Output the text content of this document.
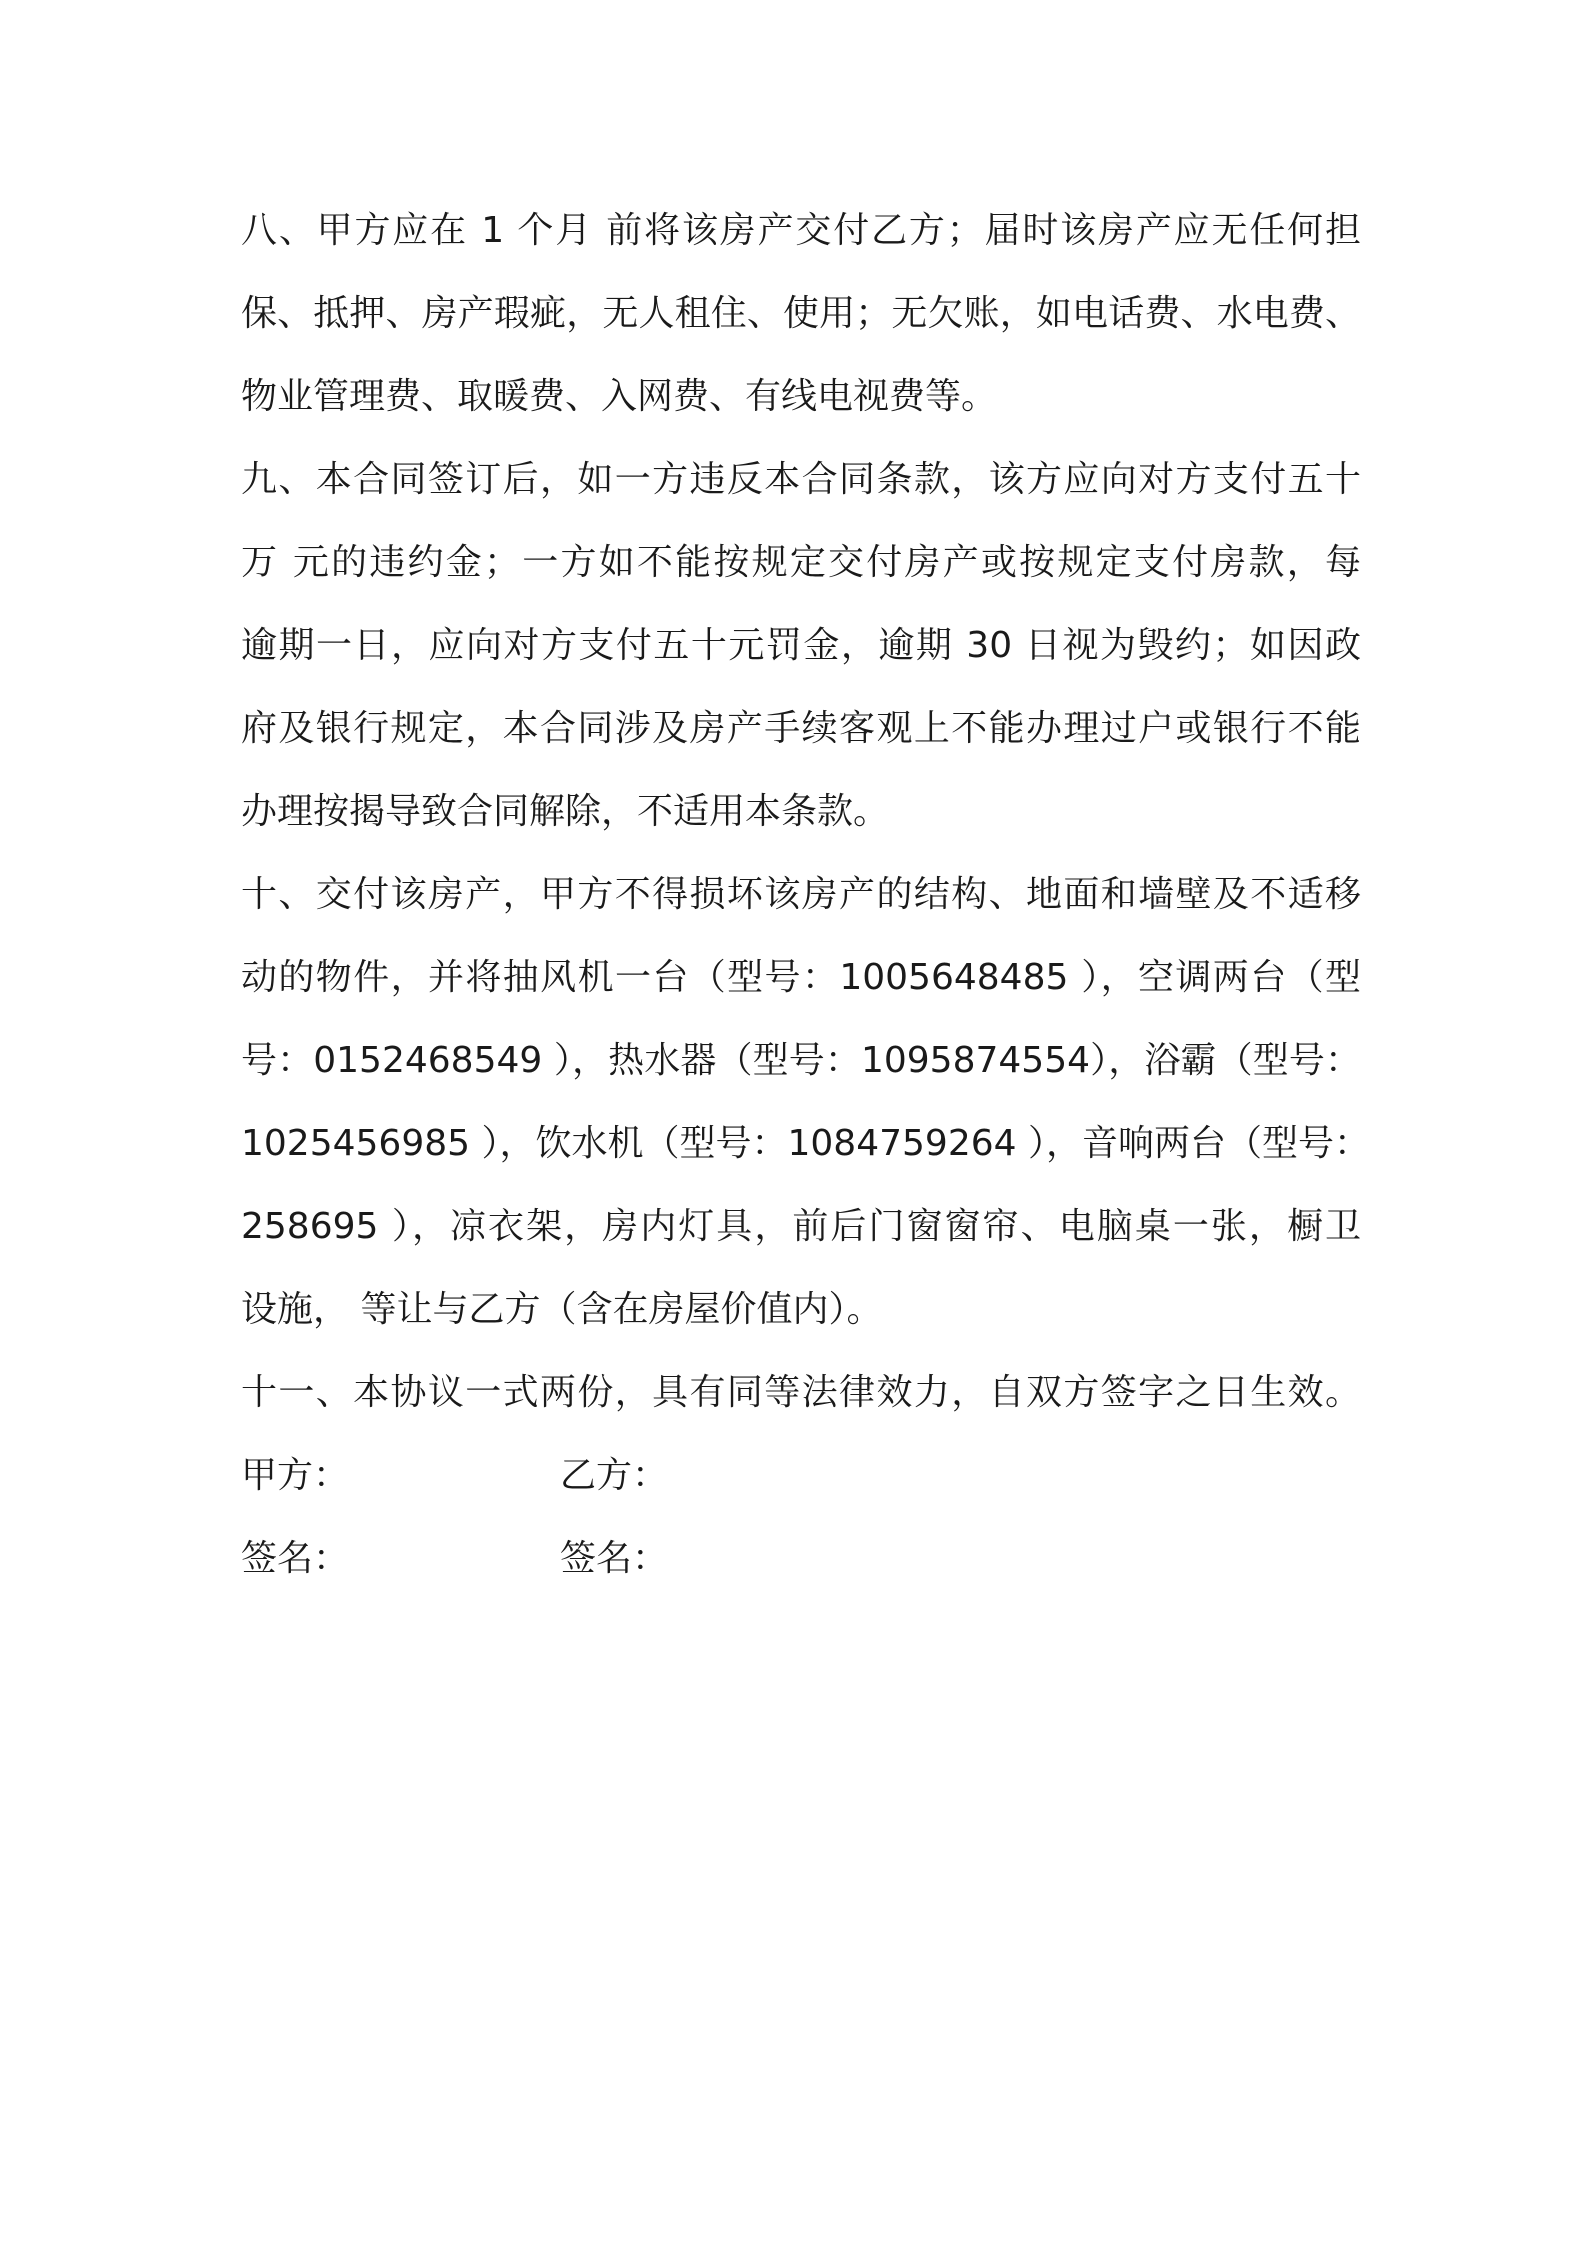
八、甲方应在 1 个月 前将该房产交付乙方；届时该房产应无任何担
保、抵押、房产瑕疵，无人租住、使用；无欠账，如电话费、水电费、
物业管理费、取暖费、入网费、有线电视费等。
九、本合同签订后，如一方违反本合同条款，该方应向对方支付五十
万 元的违约金；一方如不能按规定交付房产或按规定支付房款，每
逾期一日，应向对方支付五十元罚金，逾期 30 日视为毁约；如因政
府及银行规定，本合同涉及房产手续客观上不能办理过户或银行不能
办理按揭导致合同解除，不适用本条款。
十、交付该房产，甲方不得损坏该房产的结构、地面和墙壁及不适移
动的物件，并将抽风机一台（型号：1005648485 ），空调两台（型
号：0152468549 ），热水器（型号：1095874554），浴霸（型号：
1025456985 ），饮水机（型号：1084759264 ），音响两台（型号：
258695 ），凉衣架，房内灯具，前后门窗窗帘、电脑桌一张，橱卫
设施， 等让与乙方（含在房屋价值内）。
十一、本协议一式两份，具有同等法律效力，自双方签字之日生效。
甲方：	乙方：
签名：	签名：
